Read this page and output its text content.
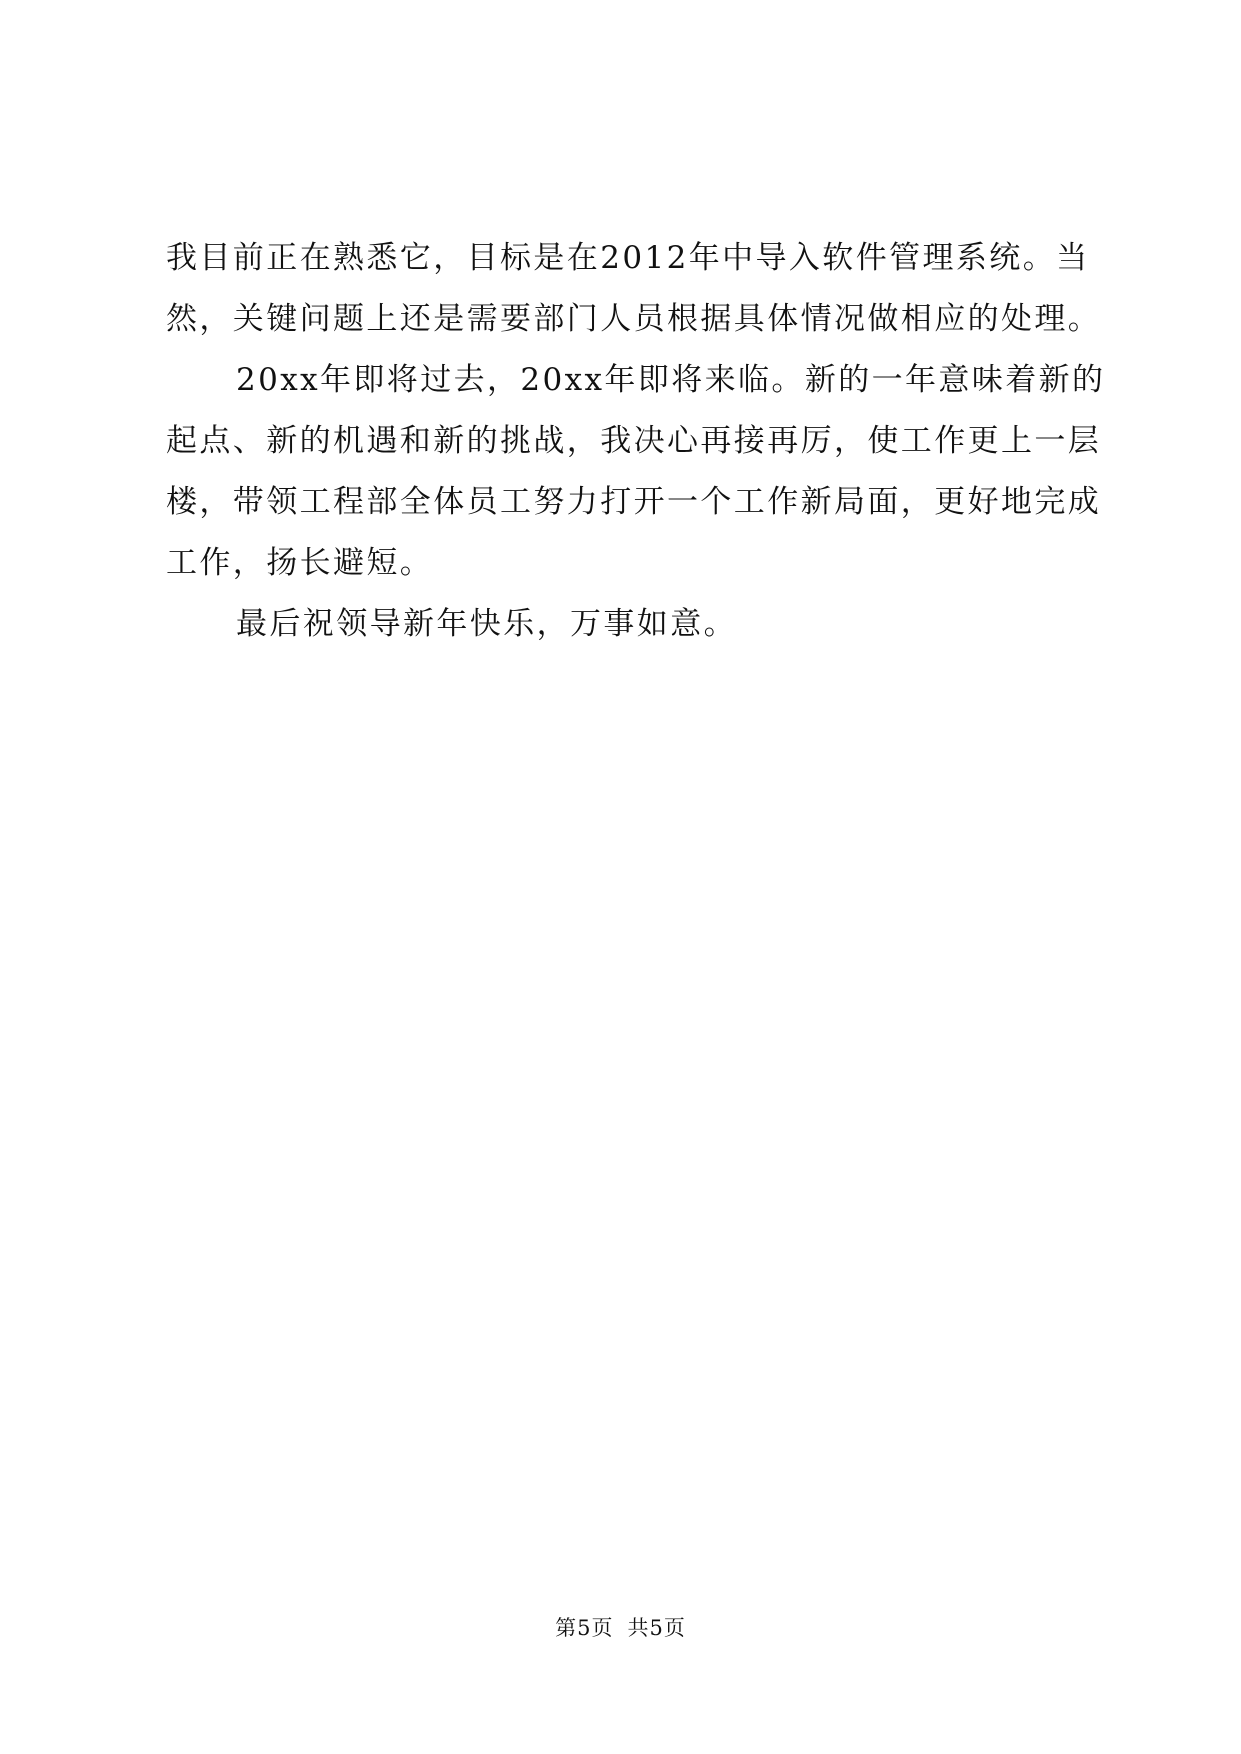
我目前正在熟悉它，目标是在2012年中导入软件管理系统。当
然，关键问题上还是需要部门人员根据具体情况做相应的处理。
20xx年即将过去，20xx年即将来临。新的一年意味着新的
起点、新的机遇和新的挑战，我决心再接再厉，使工作更上一层
楼，带领工程部全体员工努力打开一个工作新局面，更好地完成
工作，扬长避短。
最后祝领导新年快乐，万事如意。
第5页 共5页
